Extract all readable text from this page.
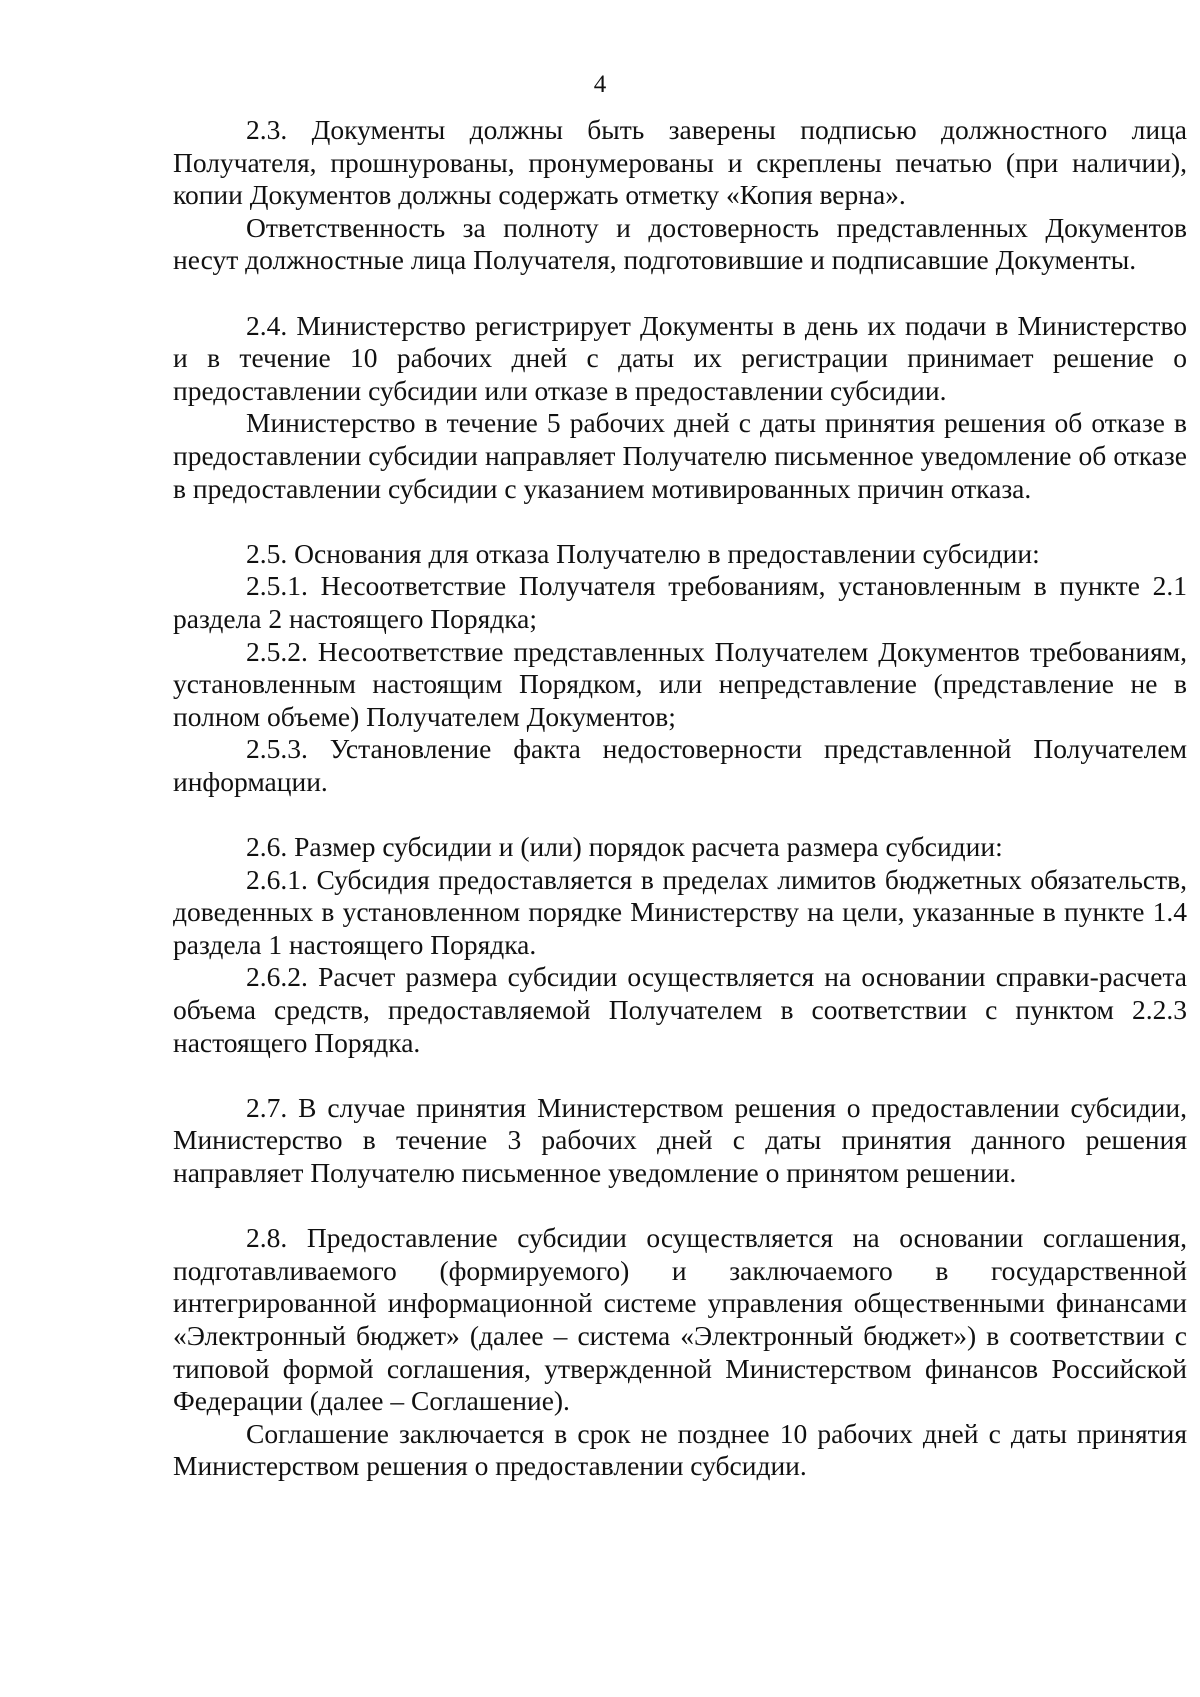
4

2.3. Документы должны быть заверены подписью должностного лица Получателя, прошнурованы, пронумерованы и скреплены печатью (при наличии), копии Документов должны содержать отметку «Копия верна».

Ответственность за полноту и достоверность представленных Документов несут должностные лица Получателя, подготовившие и подписавшие Документы.

2.4. Министерство регистрирует Документы в день их подачи в Министерство и в течение 10 рабочих дней с даты их регистрации принимает решение о предоставлении субсидии или отказе в предоставлении субсидии.

Министерство в течение 5 рабочих дней с даты принятия решения об отказе в предоставлении субсидии направляет Получателю письменное уведомление об отказе в предоставлении субсидии с указанием мотивированных причин отказа.

2.5. Основания для отказа Получателю в предоставлении субсидии:

2.5.1. Несоответствие Получателя требованиям, установленным в пункте 2.1 раздела 2 настоящего Порядка;

2.5.2. Несоответствие представленных Получателем Документов требованиям, установленным настоящим Порядком, или непредставление (представление не в полном объеме) Получателем Документов;

2.5.3. Установление факта недостоверности представленной Получателем информации.

2.6. Размер субсидии и (или) порядок расчета размера субсидии:

2.6.1. Субсидия предоставляется в пределах лимитов бюджетных обязательств, доведенных в установленном порядке Министерству на цели, указанные в пункте 1.4 раздела 1 настоящего Порядка.

2.6.2. Расчет размера субсидии осуществляется на основании справки-расчета объема средств, предоставляемой Получателем в соответствии с пунктом 2.2.3 настоящего Порядка.

2.7. В случае принятия Министерством решения о предоставлении субсидии, Министерство в течение 3 рабочих дней с даты принятия данного решения направляет Получателю письменное уведомление о принятом решении.

2.8. Предоставление субсидии осуществляется на основании соглашения, подготавливаемого (формируемого) и заключаемого в государственной интегрированной информационной системе управления общественными финансами «Электронный бюджет» (далее – система «Электронный бюджет») в соответствии с типовой формой соглашения, утвержденной Министерством финансов Российской Федерации (далее – Соглашение).

Соглашение заключается в срок не позднее 10 рабочих дней с даты принятия Министерством решения о предоставлении субсидии.
